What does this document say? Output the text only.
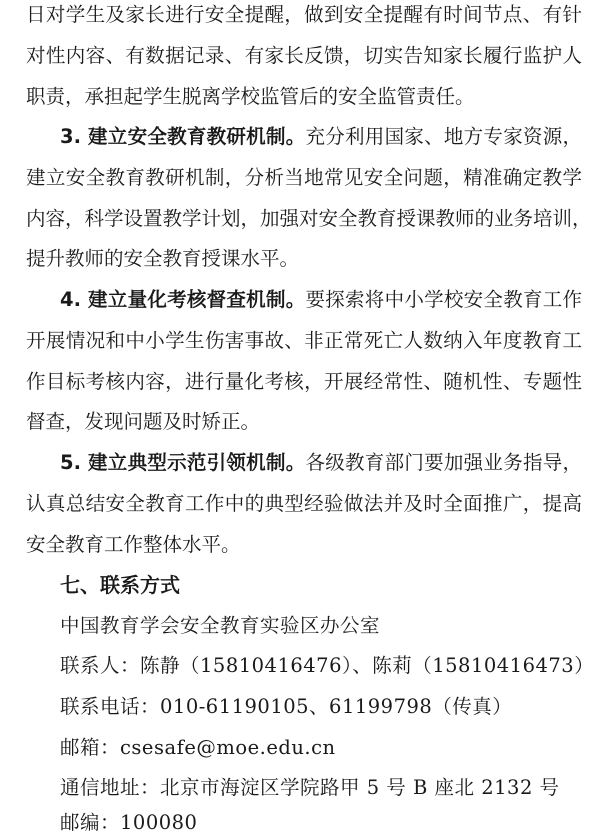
日对学生及家长进行安全提醒，做到安全提醒有时间节点、有针
对性内容、有数据记录、有家长反馈，切实告知家长履行监护人
职责，承担起学生脱离学校监管后的安全监管责任。
3. 建立安全教育教研机制。充分利用国家、地方专家资源，
建立安全教育教研机制，分析当地常见安全问题，精准确定教学
内容，科学设置教学计划，加强对安全教育授课教师的业务培训，
提升教师的安全教育授课水平。
4. 建立量化考核督查机制。要探索将中小学校安全教育工作
开展情况和中小学生伤害事故、非正常死亡人数纳入年度教育工
作目标考核内容，进行量化考核，开展经常性、随机性、专题性
督查，发现问题及时矫正。
5. 建立典型示范引领机制。各级教育部门要加强业务指导，
认真总结安全教育工作中的典型经验做法并及时全面推广，提高
安全教育工作整体水平。
七、联系方式
中国教育学会安全教育实验区办公室
联系人：陈静（15810416476）、陈莉（15810416473）
联系电话：010-61190105、61199798（传真）
邮箱：csesafe@moe.edu.cn
通信地址：北京市海淀区学院路甲 5 号 B 座北 2132 号
邮编：100080
